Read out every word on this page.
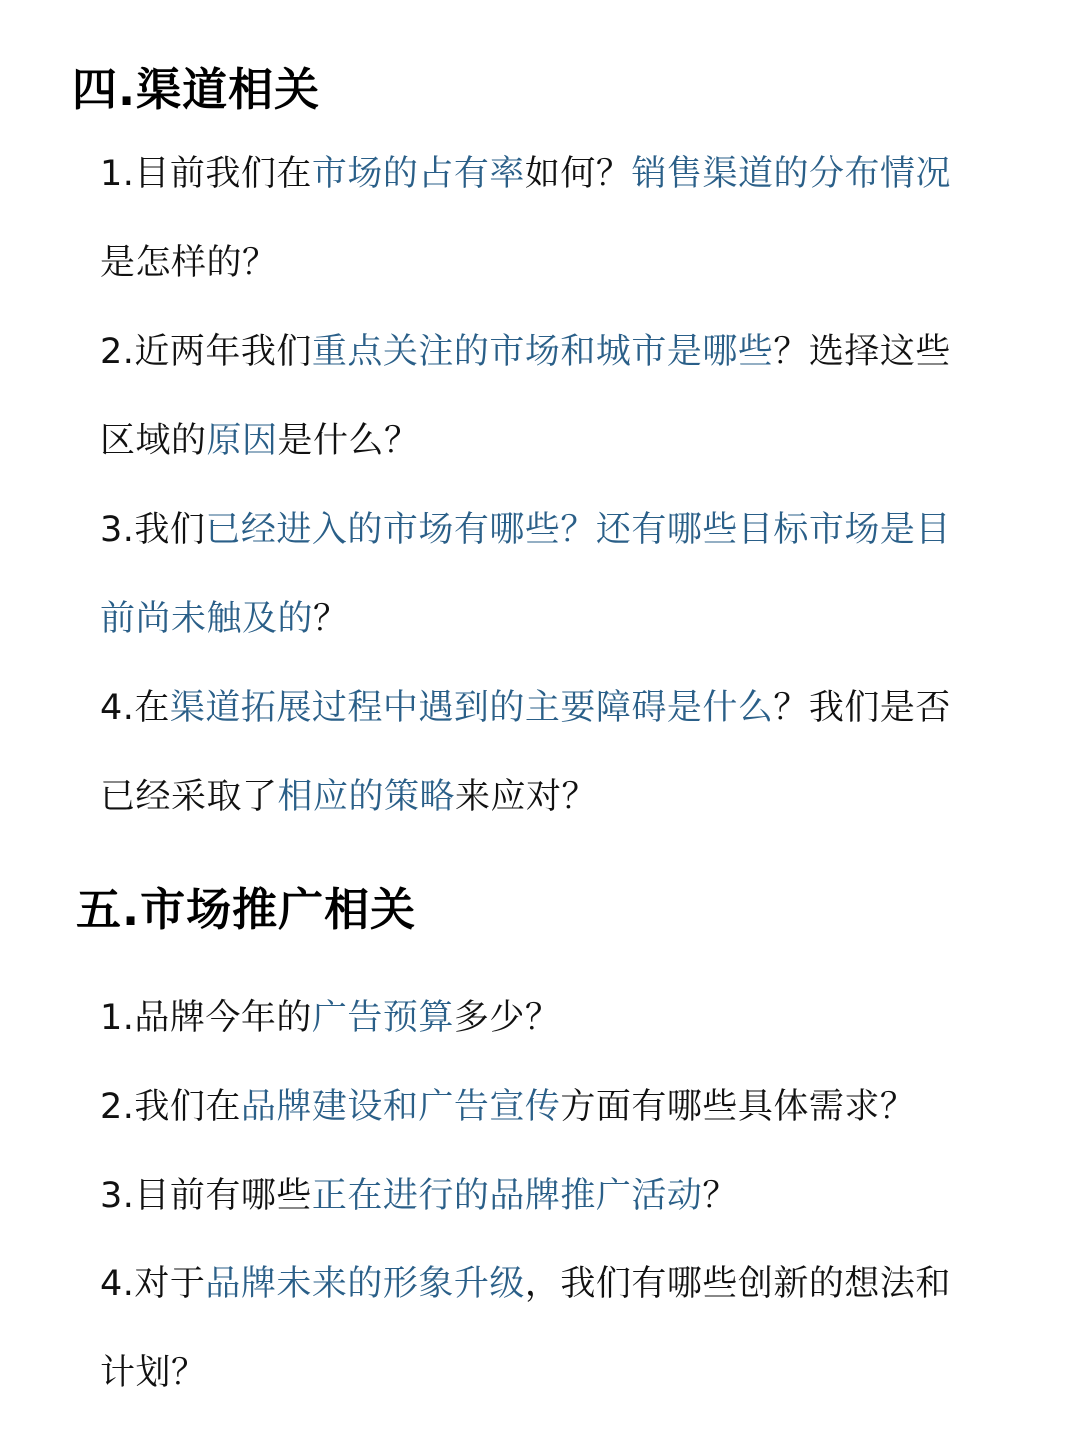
四.渠道相关

1.目前我们在市场的占有率如何？销售渠道的分布情况是怎样的？

2.近两年我们重点关注的市场和城市是哪些？选择这些区域的原因是什么？

3.我们已经进入的市场有哪些？还有哪些目标市场是目前尚未触及的？

4.在渠道拓展过程中遇到的主要障碍是什么？我们是否已经采取了相应的策略来应对？

五.市场推广相关

1.品牌今年的广告预算多少？

2.我们在品牌建设和广告宣传方面有哪些具体需求？

3.目前有哪些正在进行的品牌推广活动？

4.对于品牌未来的形象升级，我们有哪些创新的想法和计划？
